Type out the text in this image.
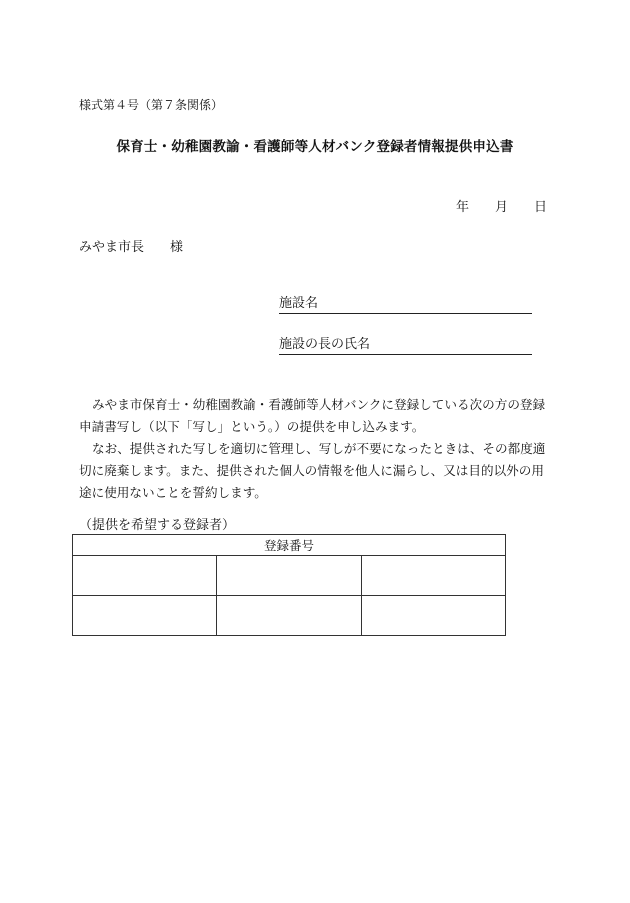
様式第４号（第７条関係）
保育士・幼稚園教諭・看護師等人材バンク登録者情報提供申込書
年 月 日
みやま市長 様
施設名
施設の長の氏名

みやま市保育士・幼稚園教諭・看護師等人材バンクに登録している次の方の登録申請書写し（以下「写し」という。）の提供を申し込みます。

なお、提供された写しを適切に管理し、写しが不要になったときは、その都度適切に廃棄します。また、提供された個人の情報を他人に漏らし、又は目的以外の用途に使用ないことを誓約します。

（提供を希望する登録者）
登録番号		
